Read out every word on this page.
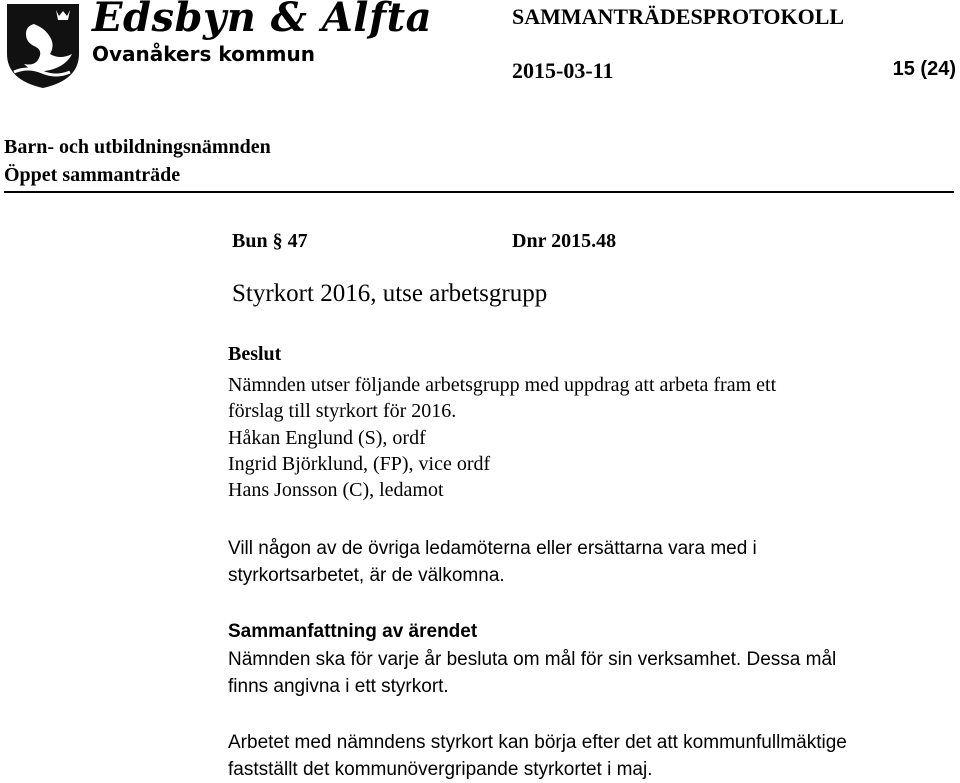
Edsbyn & Alfta
Ovanåkers kommun
SAMMANTRÄDESPROTOKOLL
2015-03-11	15 (24)
Barn- och utbildningsnämnden
Öppet sammanträde
Bun § 47	Dnr 2015.48
Styrkort 2016, utse arbetsgrupp
Beslut
Nämnden utser följande arbetsgrupp med uppdrag att arbeta fram ett
förslag till styrkort för 2016.
Håkan Englund (S), ordf
Ingrid Björklund, (FP), vice ordf
Hans Jonsson (C), ledamot
Vill någon av de övriga ledamöterna eller ersättarna vara med i
styrkortsarbetet, är de välkomna.
Sammanfattning av ärendet
Nämnden ska för varje år besluta om mål för sin verksamhet. Dessa mål
finns angivna i ett styrkort.
Arbetet med nämndens styrkort kan börja efter det att kommunfullmäktige
fastställt det kommunövergripande styrkortet i maj.
